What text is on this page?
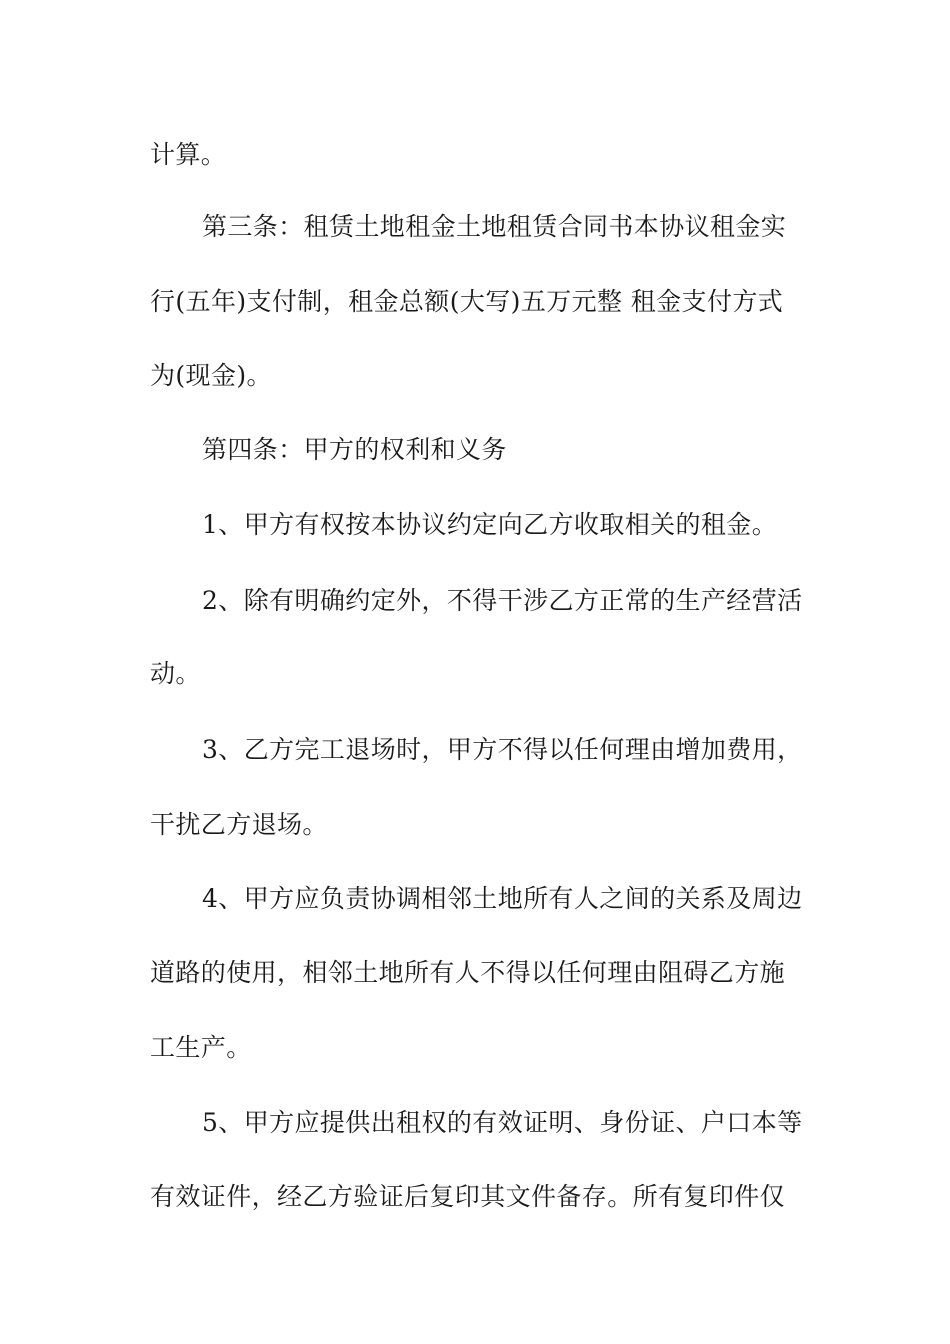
计算。
第三条：租赁土地租金土地租赁合同书本协议租金实
行(五年)支付制，租金总额(大写)五万元整 租金支付方式
为(现金)。
第四条：甲方的权利和义务
1、甲方有权按本协议约定向乙方收取相关的租金。
2、除有明确约定外，不得干涉乙方正常的生产经营活
动。
3、乙方完工退场时，甲方不得以任何理由增加费用，
干扰乙方退场。
4、甲方应负责协调相邻土地所有人之间的关系及周边
道路的使用，相邻土地所有人不得以任何理由阻碍乙方施
工生产。
5、甲方应提供出租权的有效证明、身份证、户口本等
有效证件，经乙方验证后复印其文件备存。所有复印件仅
